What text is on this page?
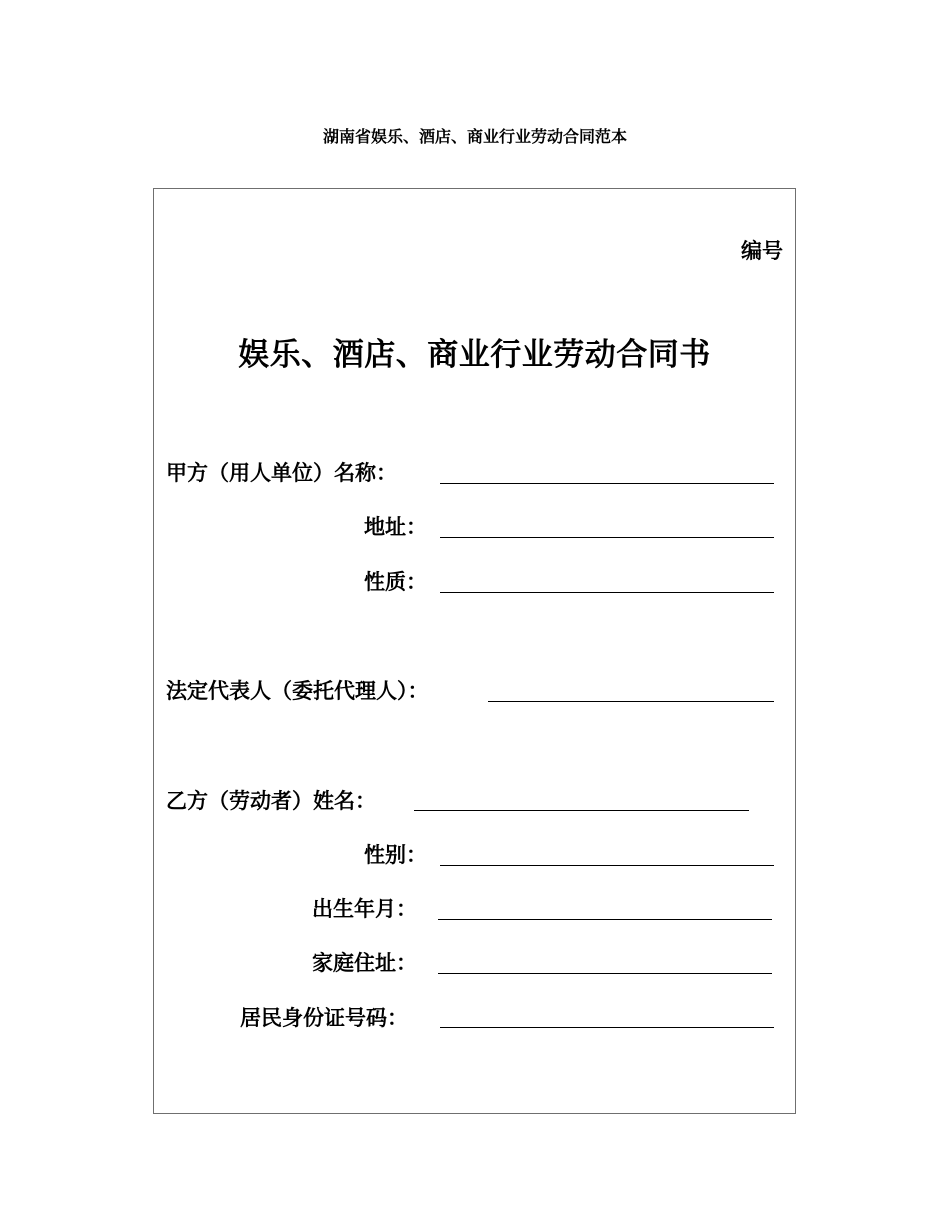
湖南省娱乐、酒店、商业行业劳动合同范本
编号
娱乐、酒店、商业行业劳动合同书
甲方（用人单位）名称：
地址：
性质：
法定代表人（委托代理人）：
乙方（劳动者）姓名：
性别：
出生年月：
家庭住址：
居民身份证号码：
